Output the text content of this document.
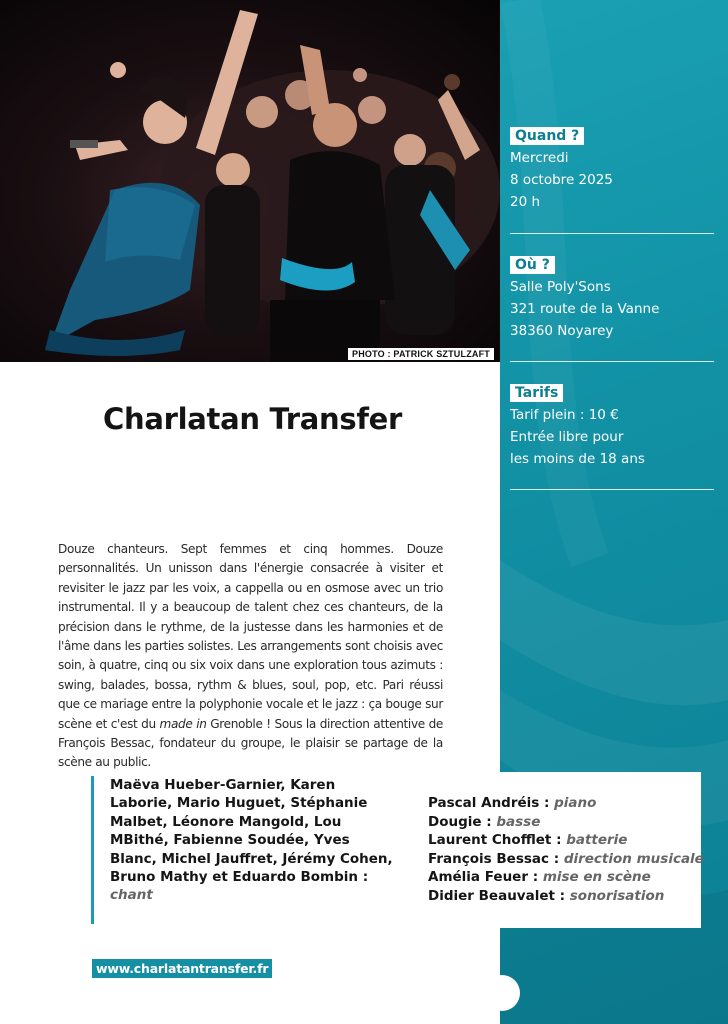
PHOTO : PATRICK SZTULZAFT
Quand ?
Mercredi
8 octobre 2025
20 h
Où ?
Salle Poly'Sons
321 route de la Vanne
38360 Noyarey
Tarifs
Tarif plein : 10 €
Entrée libre pour
les moins de 18 ans
Charlatan Transfer
Douze chanteurs. Sept femmes et cinq hommes. Douze personnalités. Un unisson dans l'énergie consacrée à visiter et revisiter le jazz par les voix, a cappella ou en osmose avec un trio instrumental. Il y a beaucoup de talent chez ces chanteurs, de la précision dans le rythme, de la justesse dans les harmonies et de l'âme dans les parties solistes. Les arrangements sont choisis avec soin, à quatre, cinq ou six voix dans une exploration tous azimuts : swing, balades, bossa, rythm & blues, soul, pop, etc. Pari réussi que ce mariage entre la polyphonie vocale et le jazz : ça bouge sur scène et c'est du made in Grenoble ! Sous la direction attentive de François Bessac, fondateur du groupe, le plaisir se partage de la scène au public.
Maëva Hueber-Garnier, Karen Laborie, Mario Huguet, Stéphanie Malbet, Léonore Mangold, Lou MBithé, Fabienne Soudée, Yves Blanc, Michel Jauffret, Jérémy Cohen, Bruno Mathy et Eduardo Bombin :
chant
Pascal Andréis : piano
Dougie : basse
Laurent Chofflet : batterie
François Bessac : direction musicale
Amélia Feuer : mise en scène
Didier Beauvalet : sonorisation
www.charlatantransfer.fr
